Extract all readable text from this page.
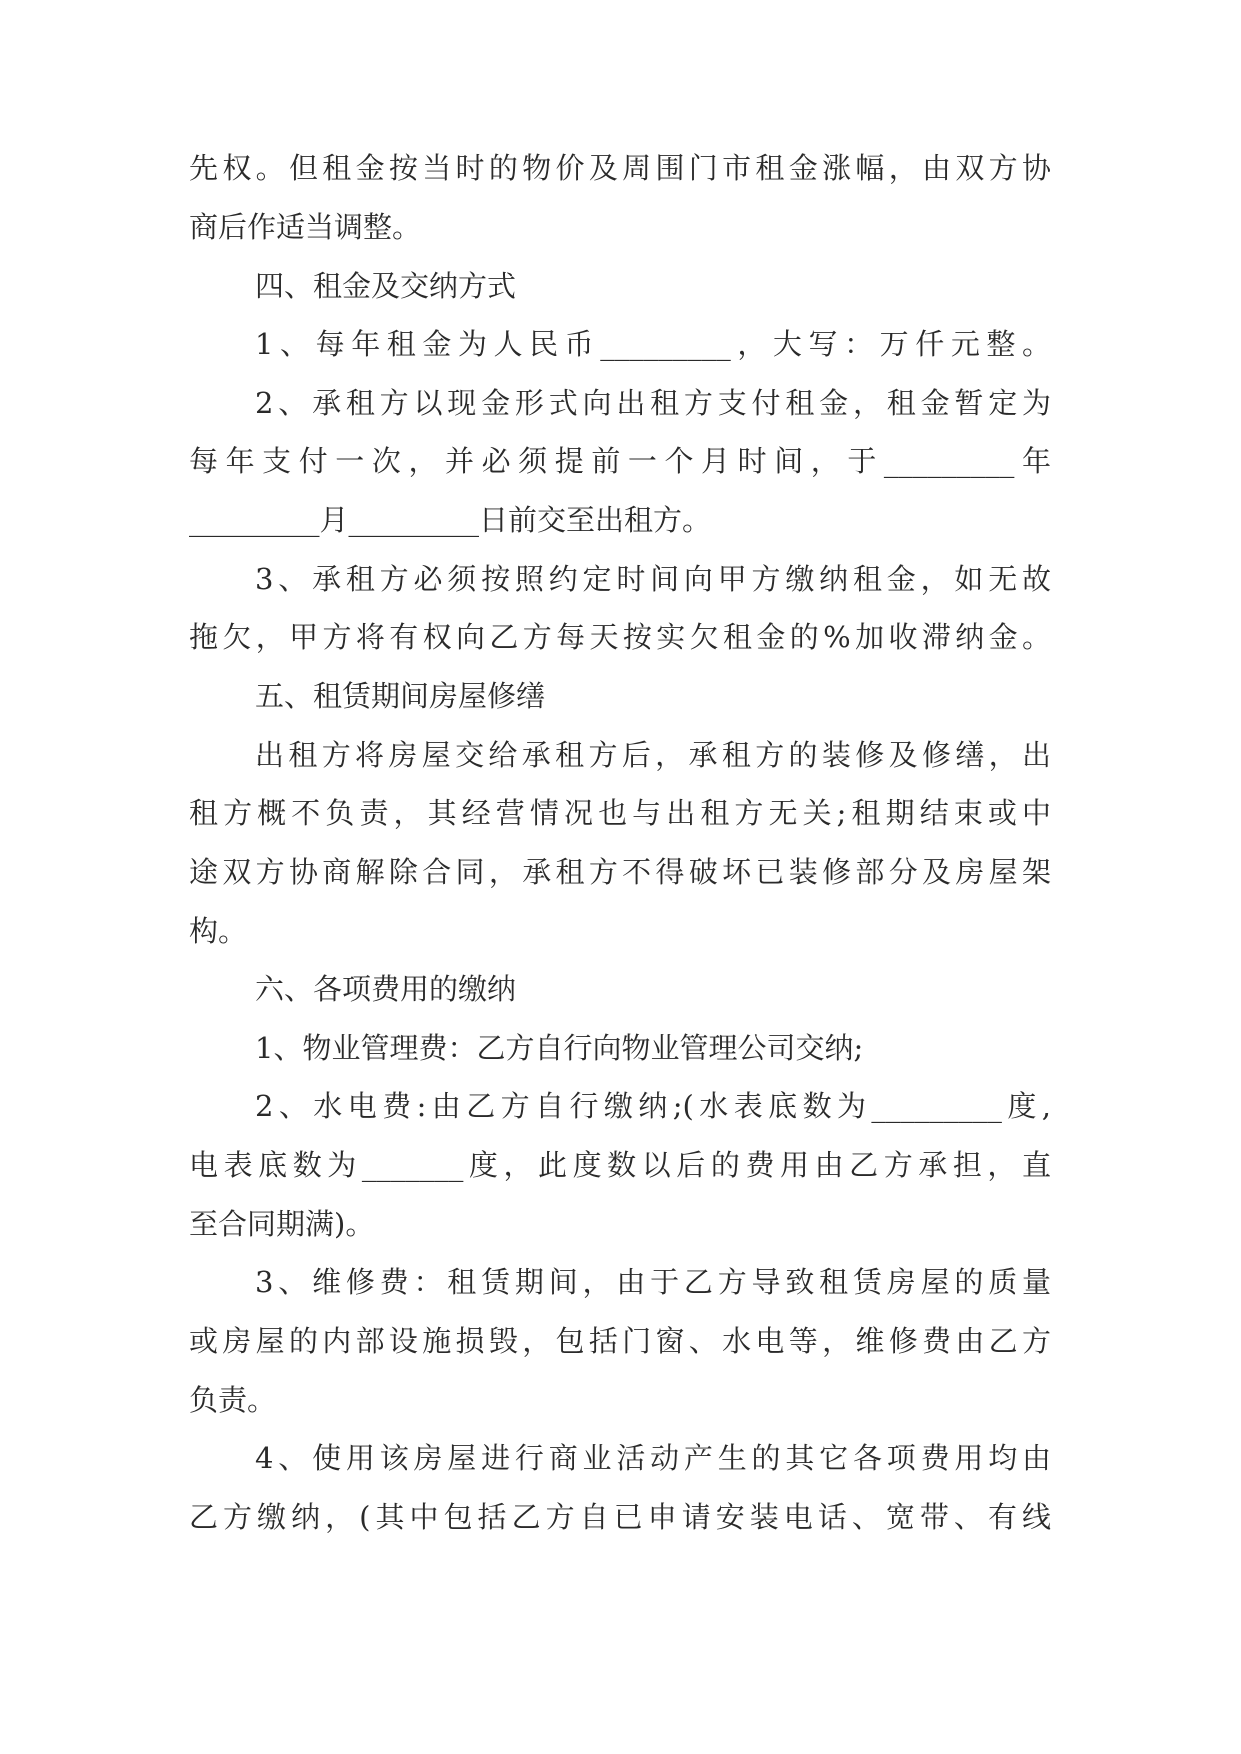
先权。但租金按当时的物价及周围门市租金涨幅，由双方协

商后作适当调整。

四、租金及交纳方式

1、每年租金为人民币_________，大写：万仟元整。

2、承租方以现金形式向出租方支付租金，租金暂定为

每年支付一次，并必须提前一个月时间，于_________年

_________月_________日前交至出租方。

3、承租方必须按照约定时间向甲方缴纳租金，如无故

拖欠，甲方将有权向乙方每天按实欠租金的%加收滞纳金。

五、租赁期间房屋修缮

出租方将房屋交给承租方后，承租方的装修及修缮，出

租方概不负责，其经营情况也与出租方无关;租期结束或中

途双方协商解除合同，承租方不得破坏已装修部分及房屋架

构。

六、各项费用的缴纳

1、物业管理费：乙方自行向物业管理公司交纳;

2、水电费:由乙方自行缴纳;(水表底数为_________度,

电表底数为_______度，此度数以后的费用由乙方承担，直

至合同期满)。

3、维修费：租赁期间，由于乙方导致租赁房屋的质量

或房屋的内部设施损毁，包括门窗、水电等，维修费由乙方

负责。

4、使用该房屋进行商业活动产生的其它各项费用均由

乙方缴纳，(其中包括乙方自已申请安装电话、宽带、有线
